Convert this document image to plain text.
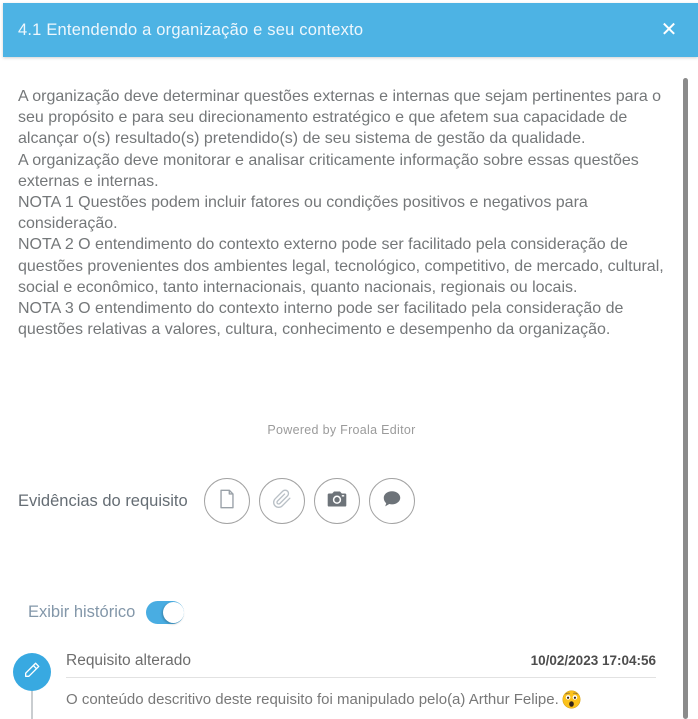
4.1 Entendendo a organização e seu contexto	✕

A organização deve determinar questões externas e internas que sejam pertinentes para o seu propósito e para seu direcionamento estratégico e que afetem sua capacidade de alcançar o(s) resultado(s) pretendido(s) de seu sistema de gestão da qualidade.

A organização deve monitorar e analisar criticamente informação sobre essas questões externas e internas.

NOTA 1 Questões podem incluir fatores ou condições positivos e negativos para consideração.

NOTA 2 O entendimento do contexto externo pode ser facilitado pela consideração de questões provenientes dos ambientes legal, tecnológico, competitivo, de mercado, cultural, social e econômico, tanto internacionais, quanto nacionais, regionais ou locais.

NOTA 3 O entendimento do contexto interno pode ser facilitado pela consideração de questões relativas a valores, cultura, conhecimento e desempenho da organização.

Powered by Froala Editor
Evidências do requisito
Exibir histórico
Requisito alterado	10/02/2023 17:04:56
O conteúdo descritivo deste requisito foi manipulado pelo(a) Arthur Felipe.
